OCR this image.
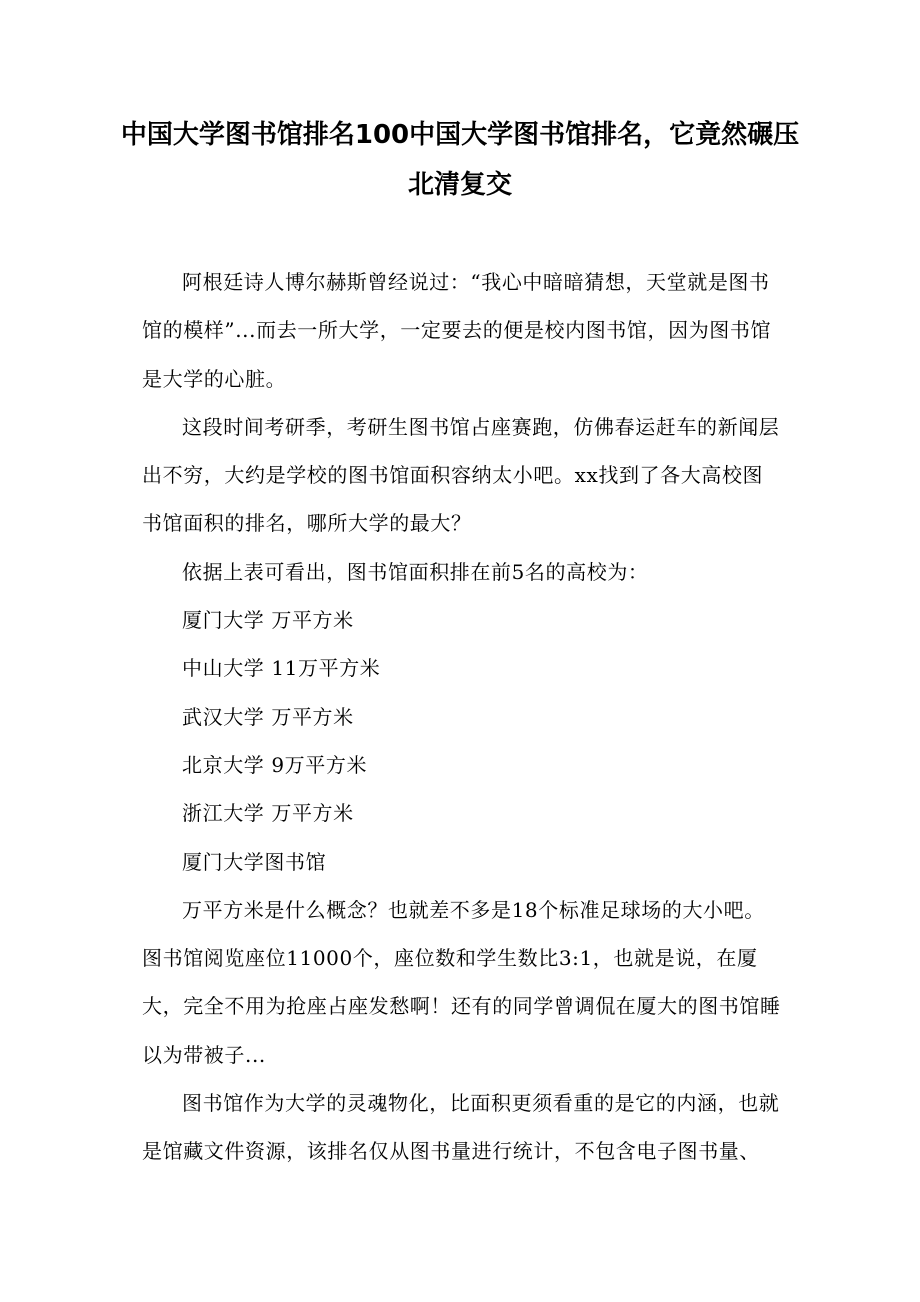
中国大学图书馆排名100中国大学图书馆排名，它竟然碾压北清复交

阿根廷诗人博尔赫斯曾经说过：“我心中暗暗猜想，天堂就是图书馆的模样”...而去一所大学，一定要去的便是校内图书馆，因为图书馆是大学的心脏。

这段时间考研季，考研生图书馆占座赛跑，仿佛春运赶车的新闻层出不穷，大约是学校的图书馆面积容纳太小吧。xx找到了各大高校图书馆面积的排名，哪所大学的最大？

依据上表可看出，图书馆面积排在前5名的高校为：

厦门大学 万平方米

中山大学 11万平方米

武汉大学 万平方米

北京大学 9万平方米

浙江大学 万平方米

厦门大学图书馆

万平方米是什么概念？也就差不多是18个标准足球场的大小吧。图书馆阅览座位11000个，座位数和学生数比3:1，也就是说，在厦大，完全不用为抢座占座发愁啊！还有的同学曾调侃在厦大的图书馆睡以为带被子...

图书馆作为大学的灵魂物化，比面积更须看重的是它的内涵，也就是馆藏文件资源，该排名仅从图书量进行统计，不包含电子图书量、
